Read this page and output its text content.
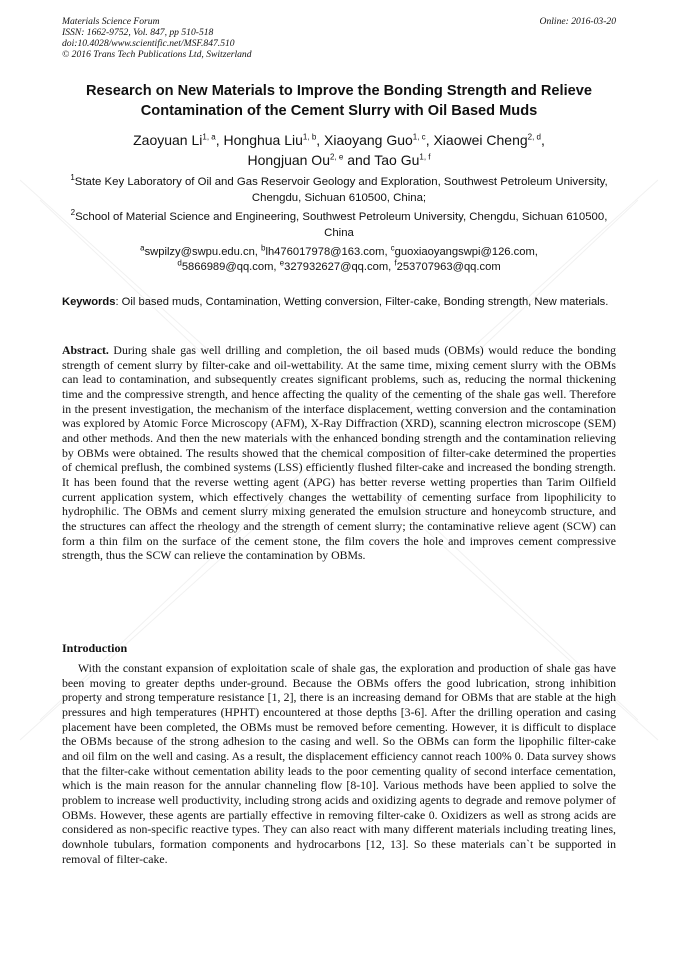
Materials Science Forum
ISSN: 1662-9752, Vol. 847, pp 510-518
doi:10.4028/www.scientific.net/MSF.847.510
© 2016 Trans Tech Publications Ltd, Switzerland
Online: 2016-03-20
Research on New Materials to Improve the Bonding Strength and Relieve Contamination of the Cement Slurry with Oil Based Muds
Zaoyuan Li$^{1, a}$, Honghua Liu$^{1, b}$, Xiaoyang Guo$^{1, c}$, Xiaowei Cheng$^{2, d}$,
Hongjuan Ou$^{2, e}$ and Tao Gu$^{1, f}$
$^1$State Key Laboratory of Oil and Gas Reservoir Geology and Exploration, Southwest Petroleum University, Chengdu, Sichuan 610500, China;
$^2$School of Material Science and Engineering, Southwest Petroleum University, Chengdu, Sichuan 610500, China
$^a$swpilzy@swpu.edu.cn, $^b$lh476017978@163.com, $^c$guoxiaoyangswpi@126.com,
$^d$5866989@qq.com, $^e$327932627@qq.com, $^f$253707963@qq.com
Keywords: Oil based muds, Contamination, Wetting conversion, Filter-cake, Bonding strength, New materials.

Abstract. During shale gas well drilling and completion, the oil based muds (OBMs) would reduce the bonding strength of cement slurry by filter-cake and oil-wettability. At the same time, mixing cement slurry with the OBMs can lead to contamination, and subsequently creates significant problems, such as, reducing the normal thickening time and the compressive strength, and hence affecting the quality of the cementing of the shale gas well. Therefore in the present investigation, the mechanism of the interface displacement, wetting conversion and the contamination was explored by Atomic Force Microscopy (AFM), X-Ray Diffraction (XRD), scanning electron microscope (SEM) and other methods. And then the new materials with the enhanced bonding strength and the contamination relieving by OBMs were obtained. The results showed that the chemical composition of filter-cake determined the properties of chemical preflush, the combined systems (LSS) efficiently flushed filter-cake and increased the bonding strength. It has been found that the reverse wetting agent (APG) has better reverse wetting properties than Tarim Oilfield current application system, which effectively changes the wettability of cementing surface from lipophilicity to hydrophilic. The OBMs and cement slurry mixing generated the emulsion structure and honeycomb structure, and the structures can affect the rheology and the strength of cement slurry; the contaminative relieve agent (SCW) can form a thin film on the surface of the cement stone, the film covers the hole and improves cement compressive strength, thus the SCW can relieve the contamination by OBMs.

Introduction

With the constant expansion of exploitation scale of shale gas, the exploration and production of shale gas have been moving to greater depths under-ground. Because the OBMs offers the good lubrication, strong inhibition property and strong temperature resistance [1, 2], there is an increasing demand for OBMs that are stable at the high pressures and high temperatures (HPHT) encountered at those depths [3-6]. After the drilling operation and casing placement have been completed, the OBMs must be removed before cementing. However, it is difficult to displace the OBMs because of the strong adhesion to the casing and well. So the OBMs can form the lipophilic filter-cake and oil film on the well and casing. As a result, the displacement efficiency cannot reach 100% 0. Data survey shows that the filter-cake without cementation ability leads to the poor cementing quality of second interface cementation, which is the main reason for the annular channeling flow [8-10]. Various methods have been applied to solve the problem to increase well productivity, including strong acids and oxidizing agents to degrade and remove polymer of OBMs. However, these agents are partially effective in removing filter-cake 0. Oxidizers as well as strong acids are considered as non-specific reactive types. They can also react with many different materials including treating lines, downhole tubulars, formation components and hydrocarbons [12, 13]. So these materials can`t be supported in removal of filter-cake.
